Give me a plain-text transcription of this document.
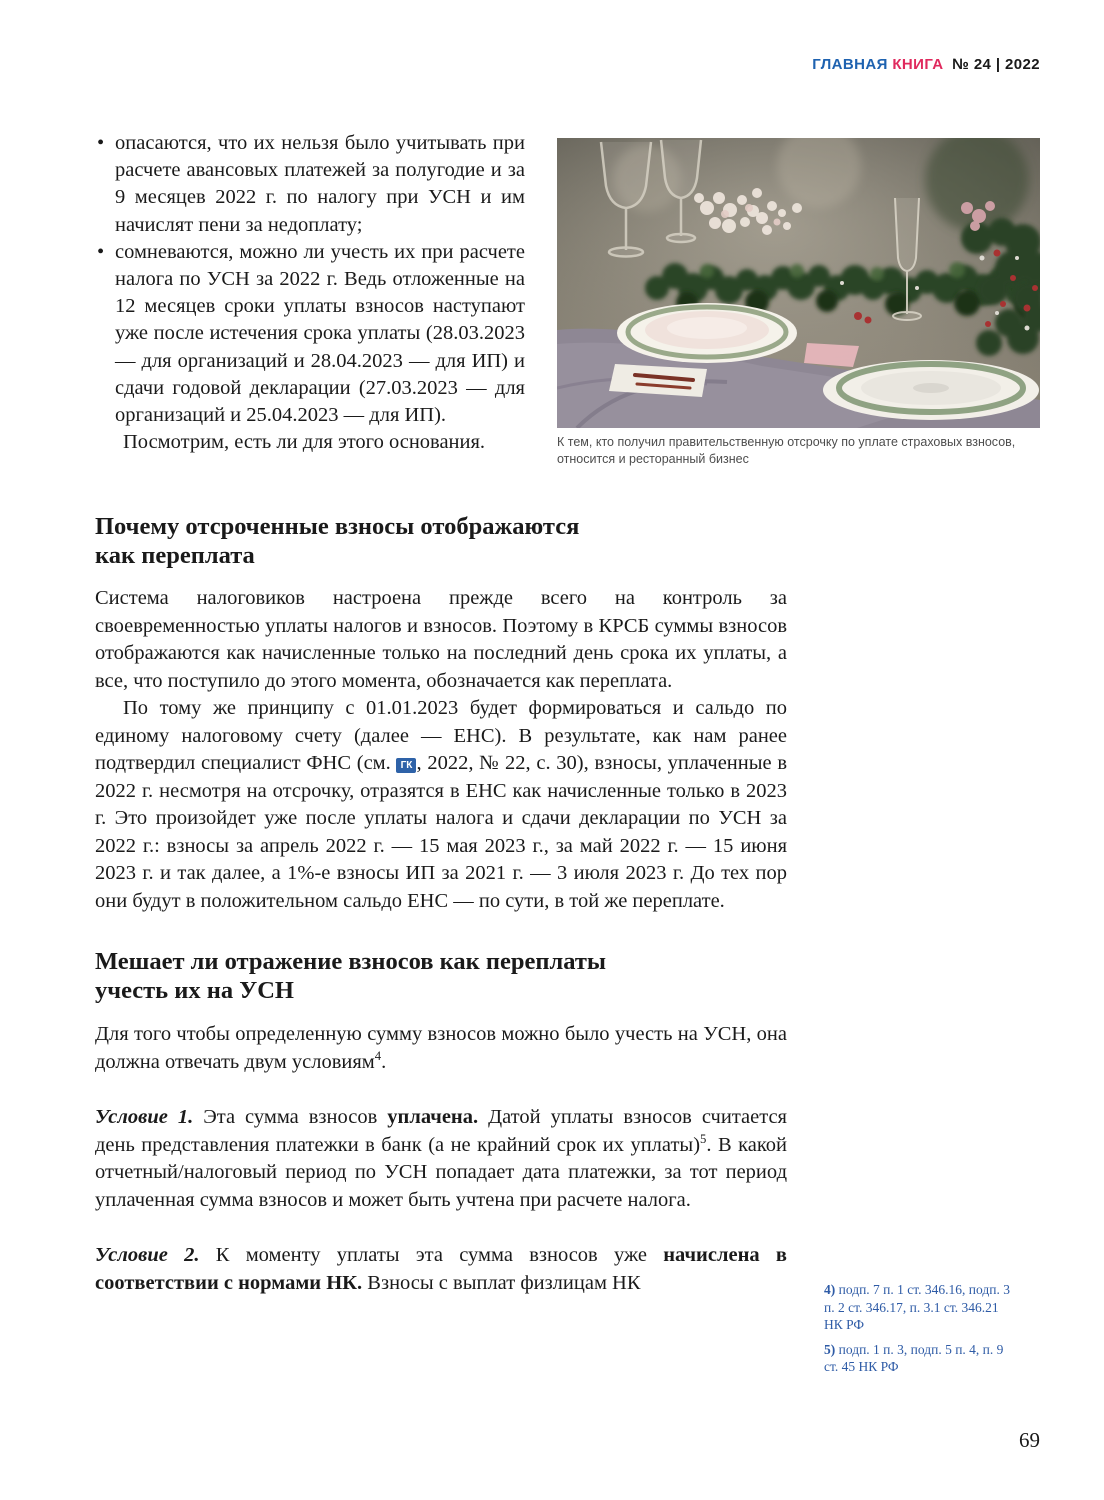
ГЛАВНАЯ КНИГА № 24 | 2022
• опасаются, что их нельзя было учитывать при расчете авансовых платежей за полугодие и за 9 месяцев 2022 г. по налогу при УСН и им начислят пени за недоплату;
• сомневаются, можно ли учесть их при расчете налога по УСН за 2022 г. Ведь отложенные на 12 месяцев сроки уплаты взносов наступают уже после истечения срока уплаты (28.03.2023 — для организаций и 28.04.2023 — для ИП) и сдачи годовой декларации (27.03.2023 — для организаций и 25.04.2023 — для ИП).

Посмотрим, есть ли для этого основания.	К тем, кто получил правительственную отсрочку по уплате страховых взносов, относится и ресторанный бизнес
Почему отсроченные взносы отображаются
как переплата

Система налоговиков настроена прежде всего на контроль за своевременностью уплаты налогов и взносов. Поэтому в КРСБ суммы взносов отображаются как начисленные только на последний день срока их уплаты, а все, что поступило до этого момента, обозначается как переплата.

По тому же принципу с 01.01.2023 будет формироваться и сальдо по единому налоговому счету (далее — ЕНС). В результате, как нам ранее подтвердил специалист ФНС (см. ГК , 2022, № 22, с. 30), взносы, уплаченные в 2022 г. несмотря на отсрочку, отразятся в ЕНС как начисленные только в 2023 г. Это произойдет уже после уплаты налога и сдачи декларации по УСН за 2022 г.: взносы за апрель 2022 г. — 15 мая 2023 г., за май 2022 г. — 15 июня 2023 г. и так далее, а 1%-е взносы ИП за 2021 г. — 3 июля 2023 г. До тех пор они будут в положительном сальдо ЕНС — по сути, в той же переплате.

Мешает ли отражение взносов как переплаты
учесть их на УСН

Для того чтобы определенную сумму взносов можно было учесть на УСН, она должна отвечать двум условиям$^4$.

Условие 1. Эта сумма взносов уплачена. Датой уплаты взносов считается день представления платежки в банк (а не крайний срок их уплаты)$^5$. В какой отчетный/налоговый период по УСН попадает дата платежки, за тот период уплаченная сумма взносов и может быть учтена при расчете налога.

Условие 2. К моменту уплаты эта сумма взносов уже начислена в соответствии с нормами НК. Взносы с выплат физлицам НК	4) подп. 7 п. 1 ст. 346.16, подп. 3 п. 2 ст. 346.17, п. 3.1 ст. 346.21 НК РФ
5) подп. 1 п. 3, подп. 5 п. 4, п. 9 ст. 45 НК РФ
69
